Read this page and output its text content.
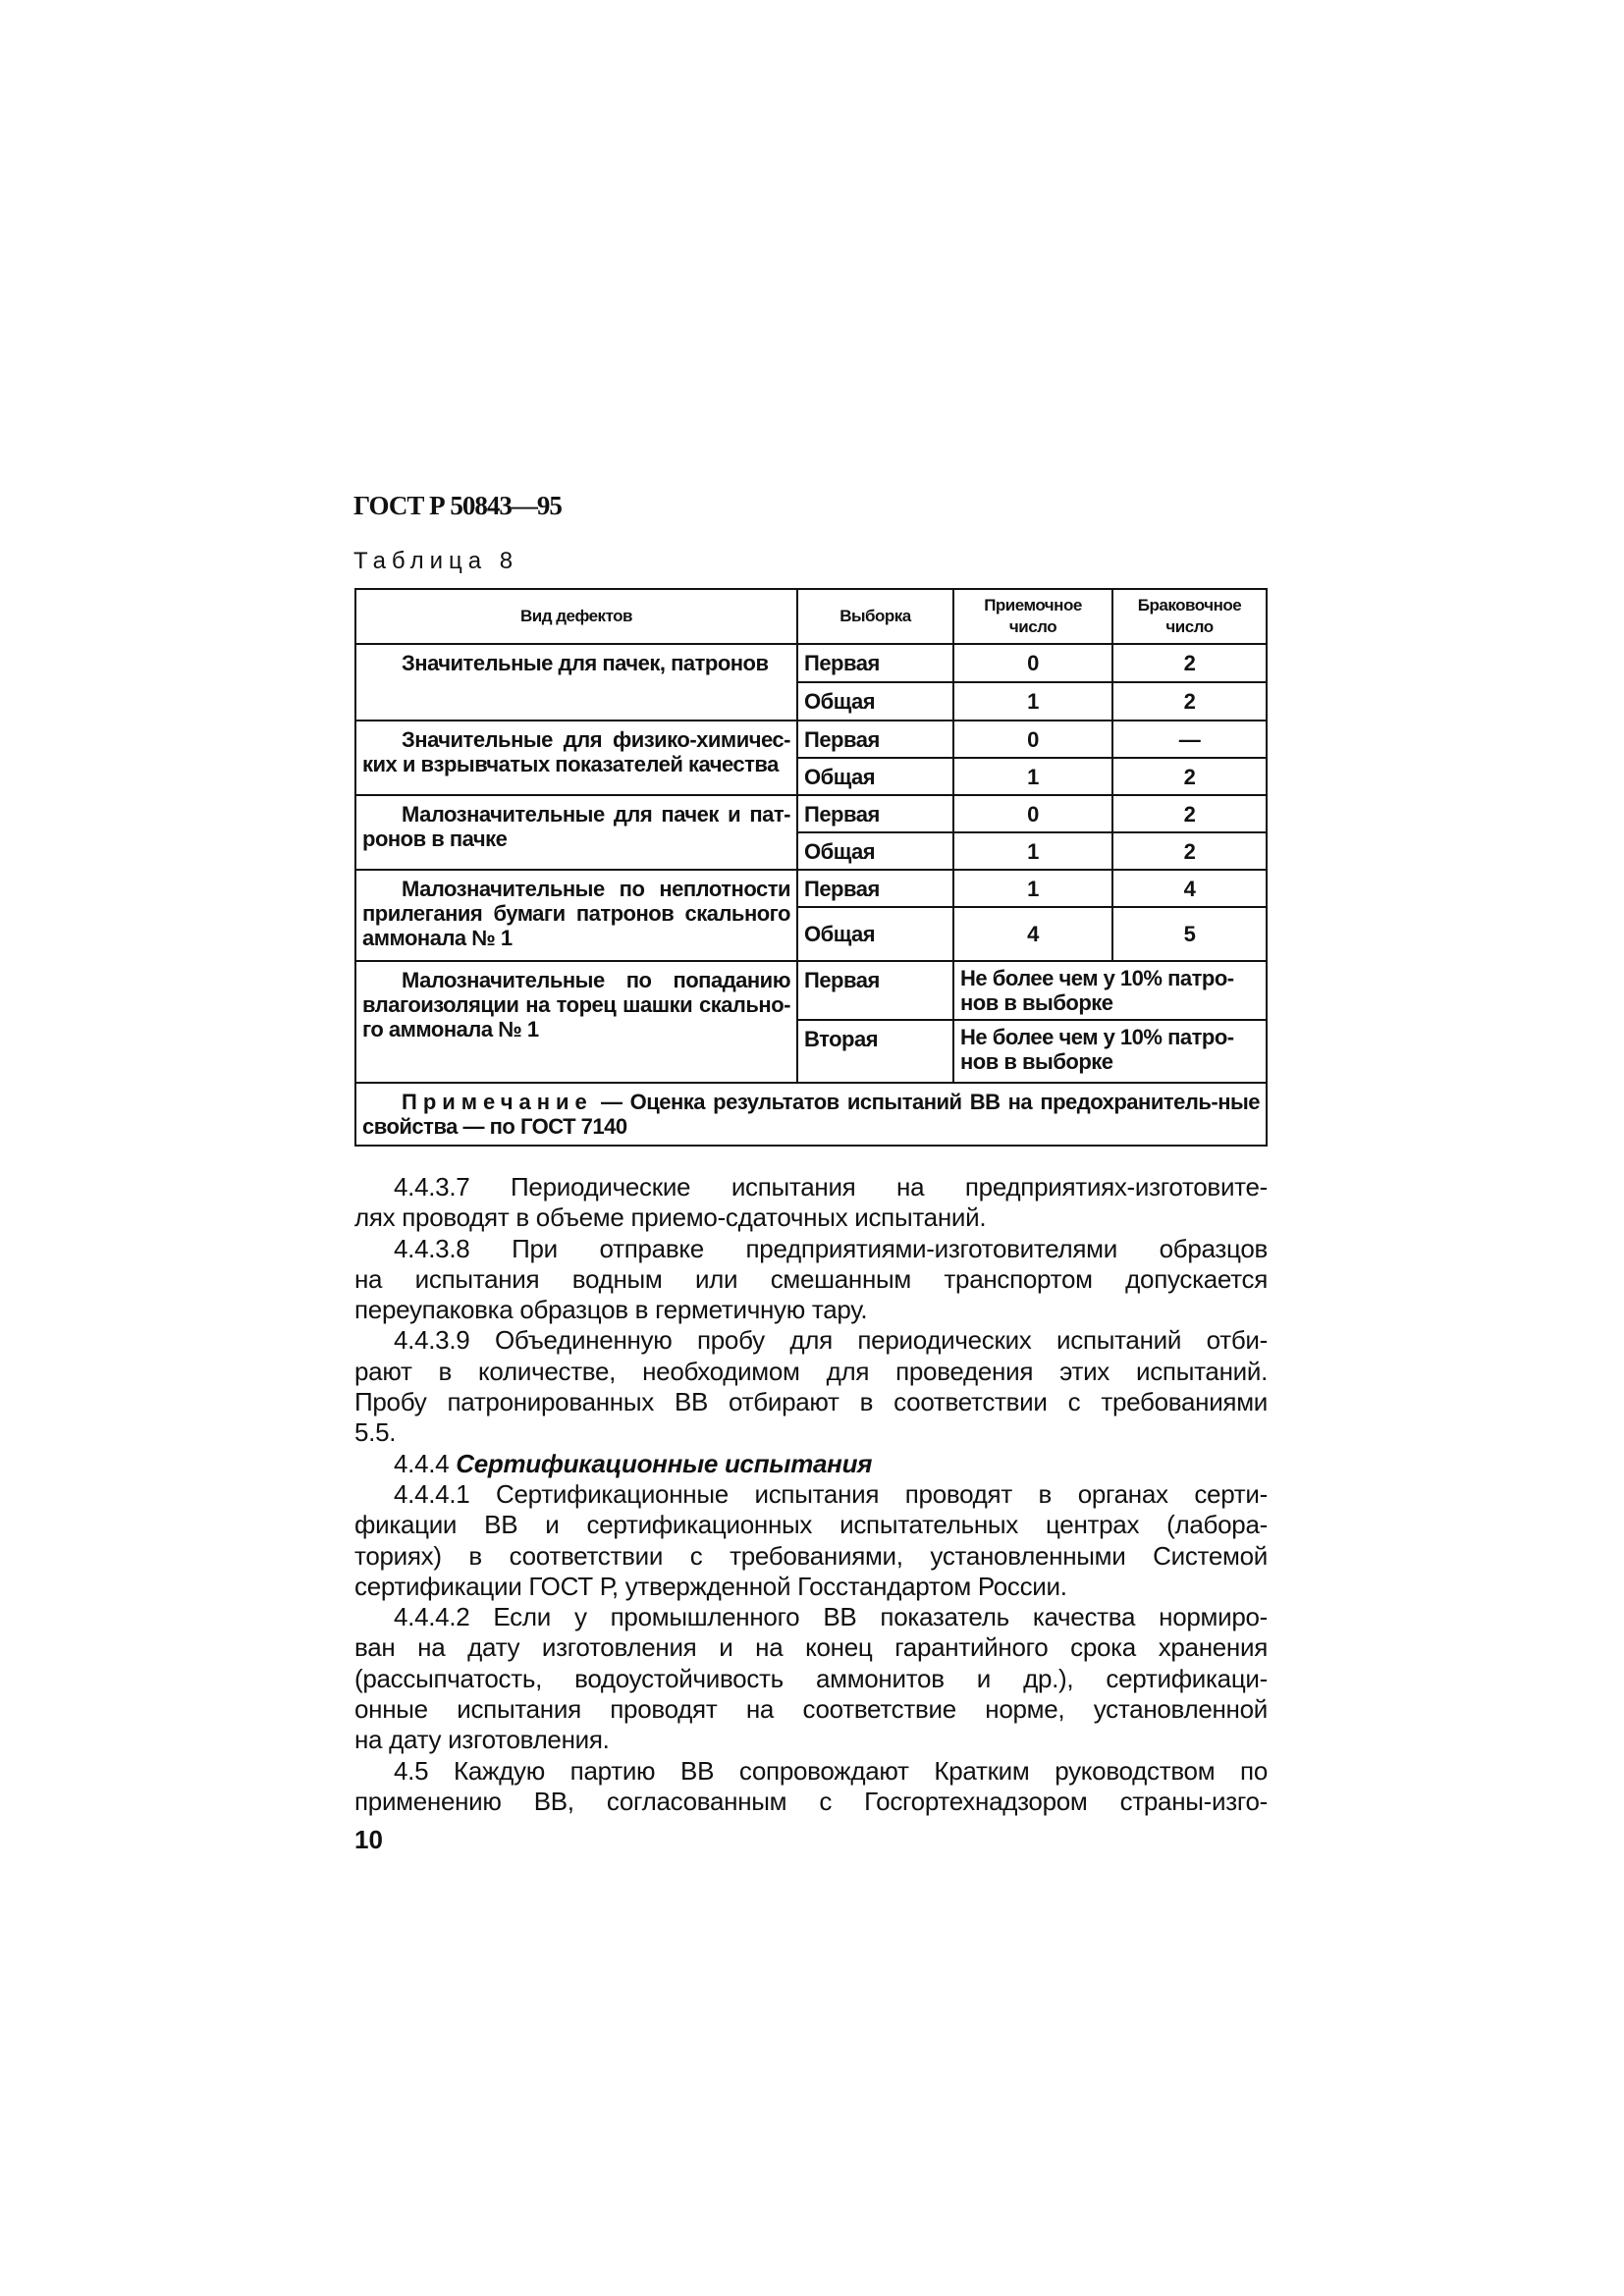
ГОСТ Р 50843—95
Таблица 8
Вид дефектов	Выборка	Приемочное число	Браковочное число

Значительные для пачек, патронов	Первая	0	2
	Общая	1	2

Значительные для физико-химичес-ких и взрывчатых показателей качества	Первая	0	—
	Общая	1	2

Малозначительные для пачек и пат-ронов в пачке	Первая	0	2
	Общая	1	2

Малозначительные по неплотности прилегания бумаги патронов скального аммонала № 1	Первая	1	4
	Общая	4	5

Малозначительные по попаданию влагоизоляции на торец шашки скально-го аммонала № 1	Первая	Не более чем у 10% патро-нов в выборке	
	Вторая	Не более чем у 10% патро-нов в выборке	
Примечание — Оценка результатов испытаний ВВ на предохранитель-ные свойства — по ГОСТ 7140			
4.4.3.7 Периодические испытания на предприятиях-изготовите-
лях проводят в объеме приемо-сдаточных испытаний.
4.4.3.8 При отправке предприятиями-изготовителями образцов
на испытания водным или смешанным транспортом допускается
переупаковка образцов в герметичную тару.
4.4.3.9 Объединенную пробу для периодических испытаний отби-
рают в количестве, необходимом для проведения этих испытаний.
Пробу патронированных ВВ отбирают в соответствии с требованиями
5.5.
4.4.4 Сертификационные испытания
4.4.4.1 Сертификационные испытания проводят в органах серти-
фикации ВВ и сертификационных испытательных центрах (лабора-
ториях) в соответствии с требованиями, установленными Системой
сертификации ГОСТ Р, утвержденной Госстандартом России.
4.4.4.2 Если у промышленного ВВ показатель качества нормиро-
ван на дату изготовления и на конец гарантийного срока хранения
(рассыпчатость, водоустойчивость аммонитов и др.), сертификаци-
онные испытания проводят на соответствие норме, установленной
на дату изготовления.
4.5 Каждую партию ВВ сопровождают Кратким руководством по
применению ВВ, согласованным с Госгортехнадзором страны-изго-
10
